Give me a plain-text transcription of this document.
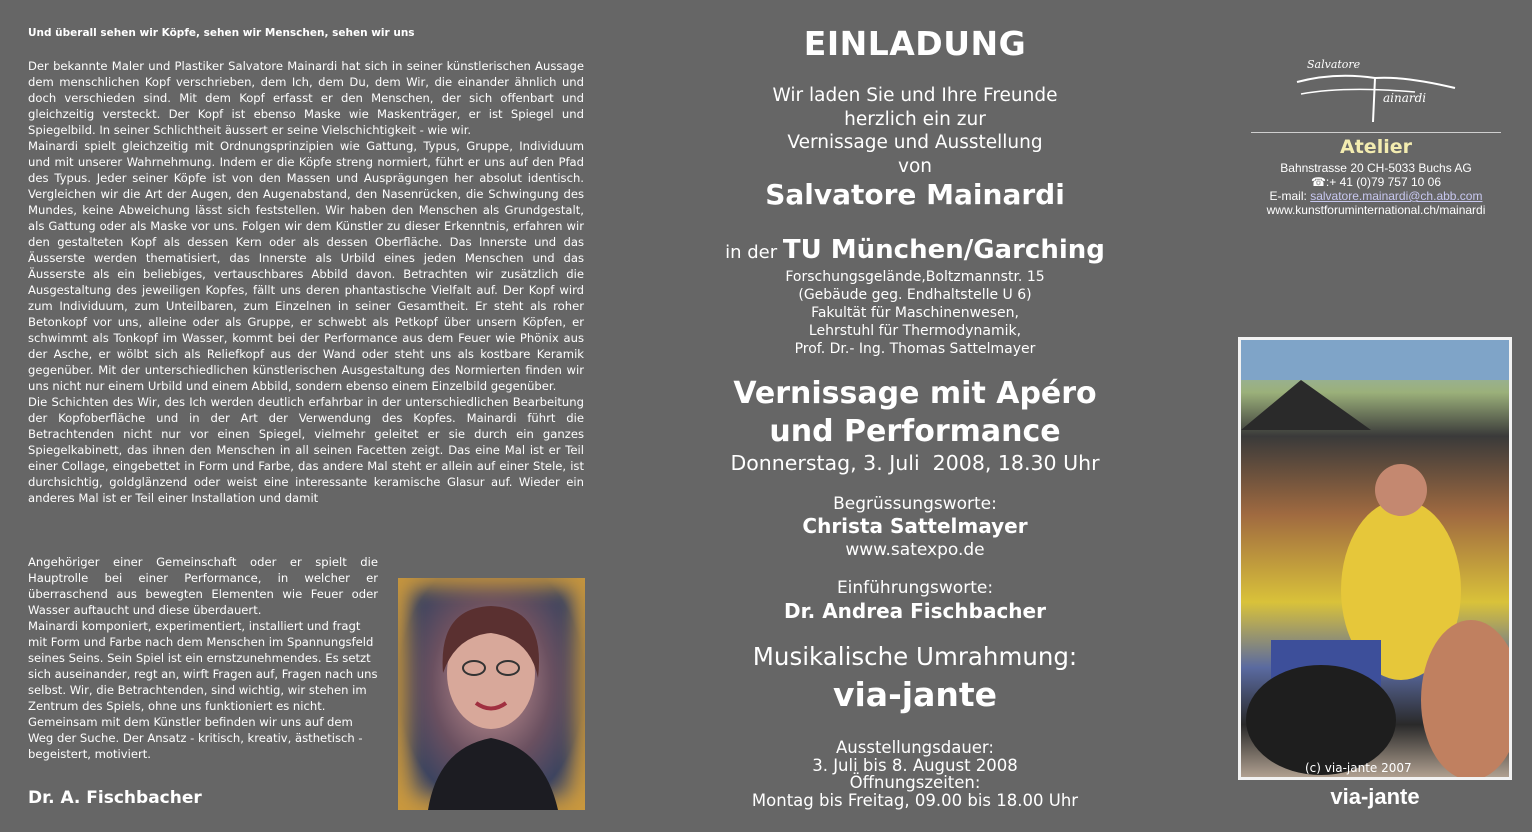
Und überall sehen wir Köpfe, sehen wir Menschen, sehen wir uns

Der bekannte Maler und Plastiker Salvatore Mainardi hat sich in seiner künstlerischen Aussage dem menschlichen Kopf verschrieben, dem Ich, dem Du, dem Wir, die einander ähnlich und doch verschieden sind. Mit dem Kopf erfasst er den Menschen, der sich offenbart und gleichzeitig versteckt. Der Kopf ist ebenso Maske wie Maskenträger, er ist Spiegel und Spiegelbild. In seiner Schlichtheit äussert er seine Vielschichtigkeit - wie wir.

Mainardi spielt gleichzeitig mit Ordnungsprinzipien wie Gattung, Typus, Gruppe, Individuum und mit unserer Wahrnehmung. Indem er die Köpfe streng normiert, führt er uns auf den Pfad des Typus. Jeder seiner Köpfe ist von den Massen und Ausprägungen her absolut identisch. Vergleichen wir die Art der Augen, den Augenabstand, den Nasenrücken, die Schwingung des Mundes, keine Abweichung lässt sich feststellen. Wir haben den Menschen als Grundgestalt, als Gattung oder als Maske vor uns. Folgen wir dem Künstler zu dieser Erkenntnis, erfahren wir den gestalteten Kopf als dessen Kern oder als dessen Oberfläche. Das Innerste und das Äusserste werden thematisiert, das Innerste als Urbild eines jeden Menschen und das Äusserste als ein beliebiges, vertauschbares Abbild davon. Betrachten wir zusätzlich die Ausgestaltung des jeweiligen Kopfes, fällt uns deren phantastische Vielfalt auf. Der Kopf wird zum Individuum, zum Unteilbaren, zum Einzelnen in seiner Gesamtheit. Er steht als roher Betonkopf vor uns, alleine oder als Gruppe, er schwebt als Petkopf über unsern Köpfen, er schwimmt als Tonkopf im Wasser, kommt bei der Performance aus dem Feuer wie Phönix aus der Asche, er wölbt sich als Reliefkopf aus der Wand oder steht uns als kostbare Keramik gegenüber. Mit der unterschiedlichen künstlerischen Ausgestaltung des Normierten finden wir uns nicht nur einem Urbild und einem Abbild, sondern ebenso einem Einzelbild gegenüber.

Die Schichten des Wir, des Ich werden deutlich erfahrbar in der unterschiedlichen Bearbeitung der Kopfoberfläche und in der Art der Verwendung des Kopfes. Mainardi führt die Betrachtenden nicht nur vor einen Spiegel, vielmehr geleitet er sie durch ein ganzes Spiegelkabinett, das ihnen den Menschen in all seinen Facetten zeigt. Das eine Mal ist er Teil einer Collage, eingebettet in Form und Farbe, das andere Mal steht er allein auf einer Stele, ist durchsichtig, goldglänzend oder weist eine interessante keramische Glasur auf. Wieder ein anderes Mal ist er Teil einer Installation und damit

Angehöriger einer Gemeinschaft oder er spielt die Hauptrolle bei einer Performance, in welcher er überraschend aus bewegten Elementen wie Feuer oder Wasser auftaucht und diese überdauert.

Mainardi komponiert, experimentiert, installiert und fragt mit Form und Farbe nach dem Menschen im Spannungsfeld seines Seins. Sein Spiel ist ein ernstzunehmendes. Es setzt sich auseinander, regt an, wirft Fragen auf, Fragen nach uns selbst. Wir, die Betrachtenden, sind wichtig, wir stehen im Zentrum des Spiels, ohne uns funktioniert es nicht. Gemeinsam mit dem Künstler befinden wir uns auf dem Weg der Suche. Der Ansatz - kritisch, kreativ, ästhetisch - begeistert, motiviert.

Dr. A. Fischbacher
EINLADUNG
Wir laden Sie und Ihre Freunde
herzlich ein zur
Vernissage und Ausstellung
von
Salvatore Mainardi
in der TU München/Garching
Forschungsgelände,Boltzmannstr. 15
(Gebäude geg. Endhaltstelle U 6)
Fakultät für Maschinenwesen,
Lehrstuhl für Thermodynamik,
Prof. Dr.- Ing. Thomas Sattelmayer
Vernissage mit Apéro
und Performance
Donnerstag, 3. Juli  2008, 18.30 Uhr
Begrüssungsworte:
Christa Sattelmayer
www.satexpo.de
Einführungsworte:
Dr. Andrea Fischbacher
Musikalische Umrahmung:
via-jante
Ausstellungsdauer:
3. Juli bis 8. August 2008
Öffnungszeiten:
Montag bis Freitag, 09.00 bis 18.00 Uhr
Salvatore
ainardi
Atelier
Bahnstrasse 20 CH-5033 Buchs AG
☎:+ 41 (0)79 757 10 06
E-mail: salvatore.mainardi@ch.abb.com
www.kunstforuminternational.ch/mainardi
(c) via-jante 2007
via-jante
